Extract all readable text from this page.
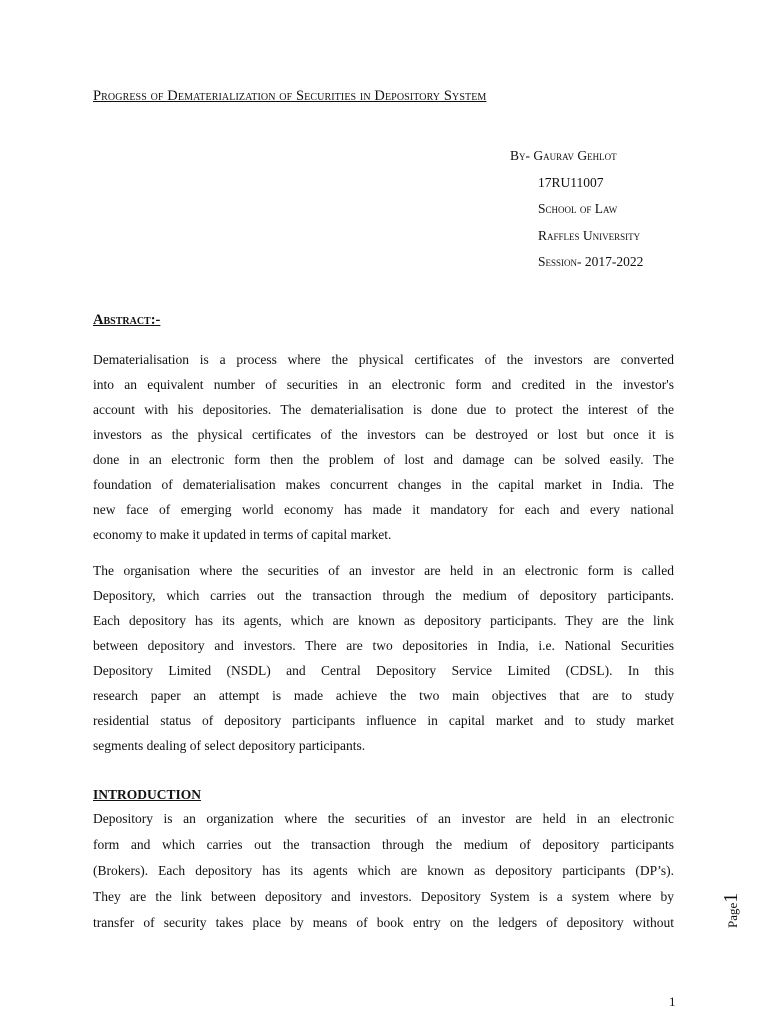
Progress of Dematerialization of Securities in Depository System
By- Gaurav Gehlot
17RU11007
School of Law
Raffles University
Session- 2017-2022
Abstract:-
Dematerialisation is a process where the physical certificates of the investors are converted
into an equivalent number of securities in an electronic form and credited in the investor's
account with his depositories. The dematerialisation is done due to protect the interest of the
investors as the physical certificates of the investors can be destroyed or lost but once it is
done in an electronic form then the problem of lost and damage can be solved easily. The
foundation of dematerialisation makes concurrent changes in the capital market in India. The
new face of emerging world economy has made it mandatory for each and every national
economy to make it updated in terms of capital market.
The organisation where the securities of an investor are held in an electronic form is called
Depository, which carries out the transaction through the medium of depository participants.
Each depository has its agents, which are known as depository participants. They are the link
between depository and investors. There are two depositories in India, i.e. National Securities
Depository Limited (NSDL) and Central Depository Service Limited (CDSL). In this
research paper an attempt is made achieve the two main objectives that are to study
residential status of depository participants influence in capital market and to study market
segments dealing of select depository participants.
INTRODUCTION
Depository is an organization where the securities of an investor are held in an electronic
form and which carries out the transaction through the medium of depository participants
(Brokers). Each depository has its agents which are known as depository participants (DP’s).
They are the link between depository and investors. Depository System is a system where by
transfer of security takes place by means of book entry on the ledgers of depository without	Page1
1
